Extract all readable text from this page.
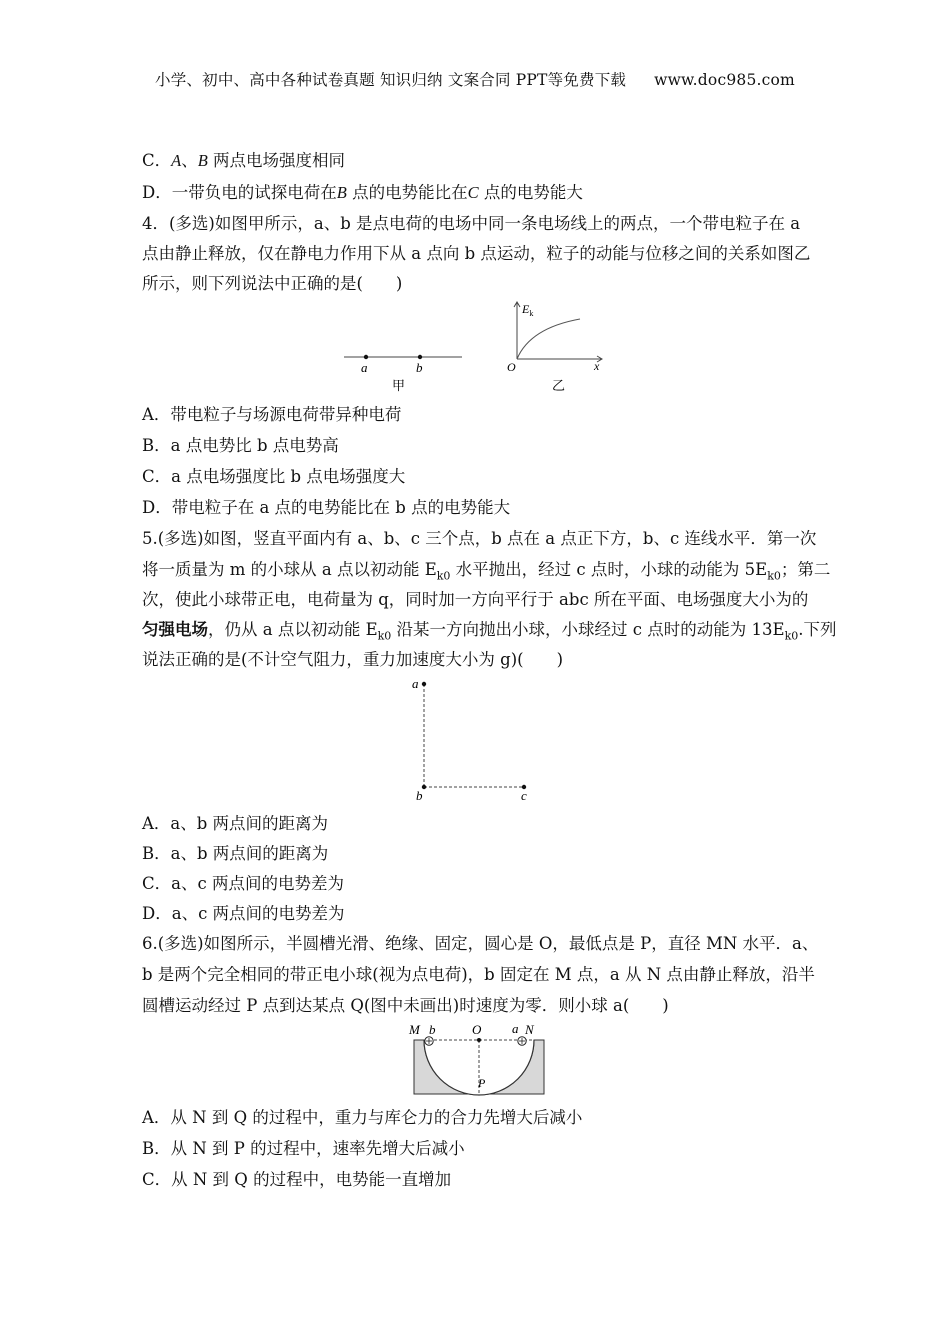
小学、初中、高中各种试卷真题 知识归纳 文案合同 PPT等免费下载 www.doc985.com
C．A、B 两点电场强度相同
D．一带负电的试探电荷在B 点的电势能比在C 点的电势能大
4．(多选)如图甲所示，a、b 是点电荷的电场中同一条电场线上的两点，一个带电粒子在 a
点由静止释放，仅在静电力作用下从 a 点向 b 点运动，粒子的动能与位移之间的关系如图乙
所示，则下列说法中正确的是(　　)
a	b
甲
$E_k$
O	x
乙
A．带电粒子与场源电荷带异种电荷
B．a 点电势比 b 点电势高
C．a 点电场强度比 b 点电场强度大
D．带电粒子在 a 点的电势能比在 b 点的电势能大
5.(多选)如图，竖直平面内有 a、b、c 三个点，b 点在 a 点正下方，b、c 连线水平．第一次
将一质量为 m 的小球从 a 点以初动能 $E_{k0}$ 水平抛出，经过 c 点时，小球的动能为 $5E_{k0}$；第二
次，使此小球带正电，电荷量为 q，同时加一方向平行于 abc 所在平面、电场强度大小为的
匀强电场，仍从 a 点以初动能 $E_{k0}$ 沿某一方向抛出小球，小球经过 c 点时的动能为 $13E_{k0}$.下列
说法正确的是(不计空气阻力，重力加速度大小为 g)(　　)
a
b	c
A．a、b 两点间的距离为
B．a、b 两点间的距离为
C．a、c 两点间的电势差为
D．a、c 两点间的电势差为
6.(多选)如图所示，半圆槽光滑、绝缘、固定，圆心是 O，最低点是 P，直径 MN 水平．a、
b 是两个完全相同的带正电小球(视为点电荷)，b 固定在 M 点，a 从 N 点由静止释放，沿半
圆槽运动经过 P 点到达某点 Q(图中未画出)时速度为零．则小球 a(　　)
M b	O a N
P
A．从 N 到 Q 的过程中，重力与库仑力的合力先增大后减小
B．从 N 到 P 的过程中，速率先增大后减小
C．从 N 到 Q 的过程中，电势能一直增加
